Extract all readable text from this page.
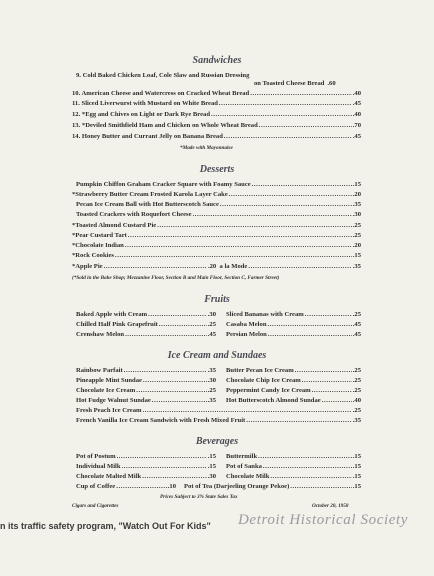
Sandwiches
9. Cold Baked Chicken Loaf, Cole Slaw and Russian Dressing
on Toasted Cheese Bread .60
10. American Cheese and Watercress on Cracked Wheat Bread .....	.40
11. Sliced Liverwurst with Mustard on White Bread .....	.45
12. *Egg and Chives on Light or Dark Rye Bread .....	.40
13. *Deviled Smithfield Ham and Chicken on Whole Wheat Bread .....	.70
14. Honey Butter and Currant Jelly on Banana Bread .....	.45
*Made with Mayonnaise
Desserts
Pumpkin Chiffon Graham Cracker Square with Foamy Sauce .....	.15
*Strawberry Butter Cream Frosted Karola Layer Cake .....	.20
Pecan Ice Cream Ball with Hot Butterscotch Sauce .....	.35
Toasted Crackers with Roquefort Cheese .....	.30
*Toasted Almond Custard Pie .....	.25
*Pear Custard Tart .....	.25
*Chocolate Indian .....	.20
*Rock Cookies .....	.15
*Apple Pie .....	.20  a la Mode .....	.35
(*Sold in the Bake Shop; Mezzanine Floor, Section B and Main Floor, Section C, Farmer Street)
Fruits
Baked Apple with Cream .....	.30
Chilled Half Pink Grapefruit .....	.25
Crenshaw Melon .....	.45
Sliced Bananas with Cream .....	.25
Casaba Melon .....	.45
Persian Melon .....	.45
Ice Cream and Sundaes
Rainbow Parfait .....	.35
Pineapple Mint Sundae .....	.30
Chocolate Ice Cream .....	.25
Hot Fudge Walnut Sundae .....	.35
Butter Pecan Ice Cream .....	.25
Chocolate Chip Ice Cream .....	.25
Peppermint Candy Ice Cream .....	.25
Hot Butterscotch Almond Sundae .....	.40
Fresh Peach Ice Cream .....	.25
French Vanilla Ice Cream Sandwich with Fresh Mixed Fruit .....	.35
Beverages
Pot of Postum .....	.15
Individual Milk .....	.15
Chocolate Malted Milk .....	.30
Cup of Coffee .....	.10
Buttermilk .....	.15
Pot of Sanka .....	.15
Chocolate Milk .....	.15
Pot of Tea (Darjeeling Orange Pekoe) .....	.15
Prices Subject to 3% State Sales Tax
Cigars and Cigarettes	October 20, 1958
n its traffic safety program, "Watch Out For Kids" Detroit Historical Society
